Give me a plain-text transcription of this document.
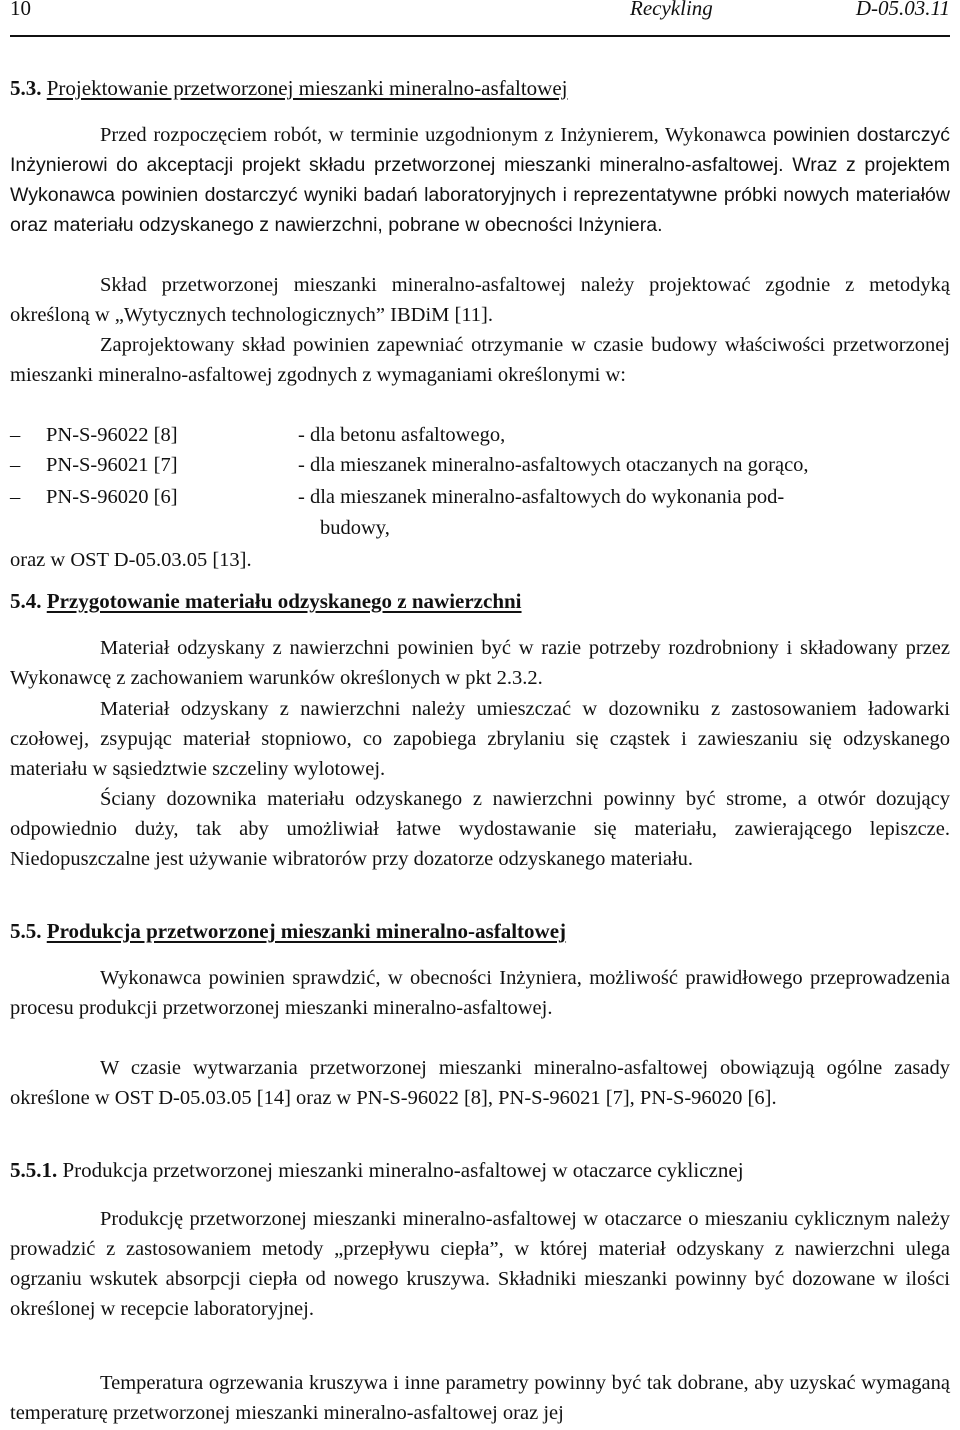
10	Recykling	D-05.03.11
5.3. Projektowanie przetworzonej mieszanki mineralno-asfaltowej

Przed rozpoczęciem robót, w terminie uzgodnionym z Inżynierem, Wykonawca powinien dostarczyć Inżynierowi do akceptacji projekt składu przetworzonej mieszanki mineralno-asfaltowej. Wraz z projektem Wykonawca powinien dostarczyć wyniki badań laboratoryjnych i reprezentatywne próbki nowych materiałów oraz materiału odzyskanego z nawierzchni, pobrane w obecności Inżyniera.

Skład przetworzonej mieszanki mineralno-asfaltowej należy projektować zgodnie z metodyką określoną w „Wytycznych technologicznych” IBDiM [11].

Zaprojektowany skład powinien zapewniać otrzymanie w czasie budowy właściwości przetworzonej mieszanki mineralno-asfaltowej zgodnych z wymaganiami określonymi w:

– PN-S-96022 [8]	- dla betonu asfaltowego,
– PN-S-96021 [7]	- dla mieszanek mineralno-asfaltowych otaczanych na gorąco,
– PN-S-96020 [6]	- dla mieszanek mineralno-asfaltowych do wykonania pod-
budowy,
oraz w OST D-05.03.05 [13].
5.4. Przygotowanie materiału odzyskanego z nawierzchni

Materiał odzyskany z nawierzchni powinien być w razie potrzeby rozdrobniony i składowany przez Wykonawcę z zachowaniem warunków określonych w pkt 2.3.2.

Materiał odzyskany z nawierzchni należy umieszczać w dozowniku z zastosowaniem ładowarki czołowej, zsypując materiał stopniowo, co zapobiega zbrylaniu się cząstek i zawieszaniu się odzyskanego materiału w sąsiedztwie szczeliny wylotowej.

Ściany dozownika materiału odzyskanego z nawierzchni powinny być strome, a otwór dozujący odpowiednio duży, tak aby umożliwiał łatwe wydostawanie się materiału, zawierającego lepiszcze. Niedopuszczalne jest używanie wibratorów przy dozatorze odzyskanego materiału.

5.5. Produkcja przetworzonej mieszanki mineralno-asfaltowej

Wykonawca powinien sprawdzić, w obecności Inżyniera, możliwość prawidłowego przeprowadzenia procesu produkcji przetworzonej mieszanki mineralno-asfaltowej.

W czasie wytwarzania przetworzonej mieszanki mineralno-asfaltowej obowiązują ogólne zasady określone w OST D-05.03.05 [14] oraz w PN-S-96022 [8], PN-S-96021 [7], PN-S-96020 [6].

5.5.1. Produkcja przetworzonej mieszanki mineralno-asfaltowej w otaczarce cyklicznej

Produkcję przetworzonej mieszanki mineralno-asfaltowej w otaczarce o mieszaniu cyklicznym należy prowadzić z zastosowaniem metody „przepływu ciepła”, w której materiał odzyskany z nawierzchni ulega ogrzaniu wskutek absorpcji ciepła od nowego kruszywa. Składniki mieszanki powinny być dozowane w ilości określonej w recepcie laboratoryjnej.

Temperatura ogrzewania kruszywa i inne parametry powinny być tak dobrane, aby uzyskać wymaganą temperaturę przetworzonej mieszanki mineralno-asfaltowej oraz jej
